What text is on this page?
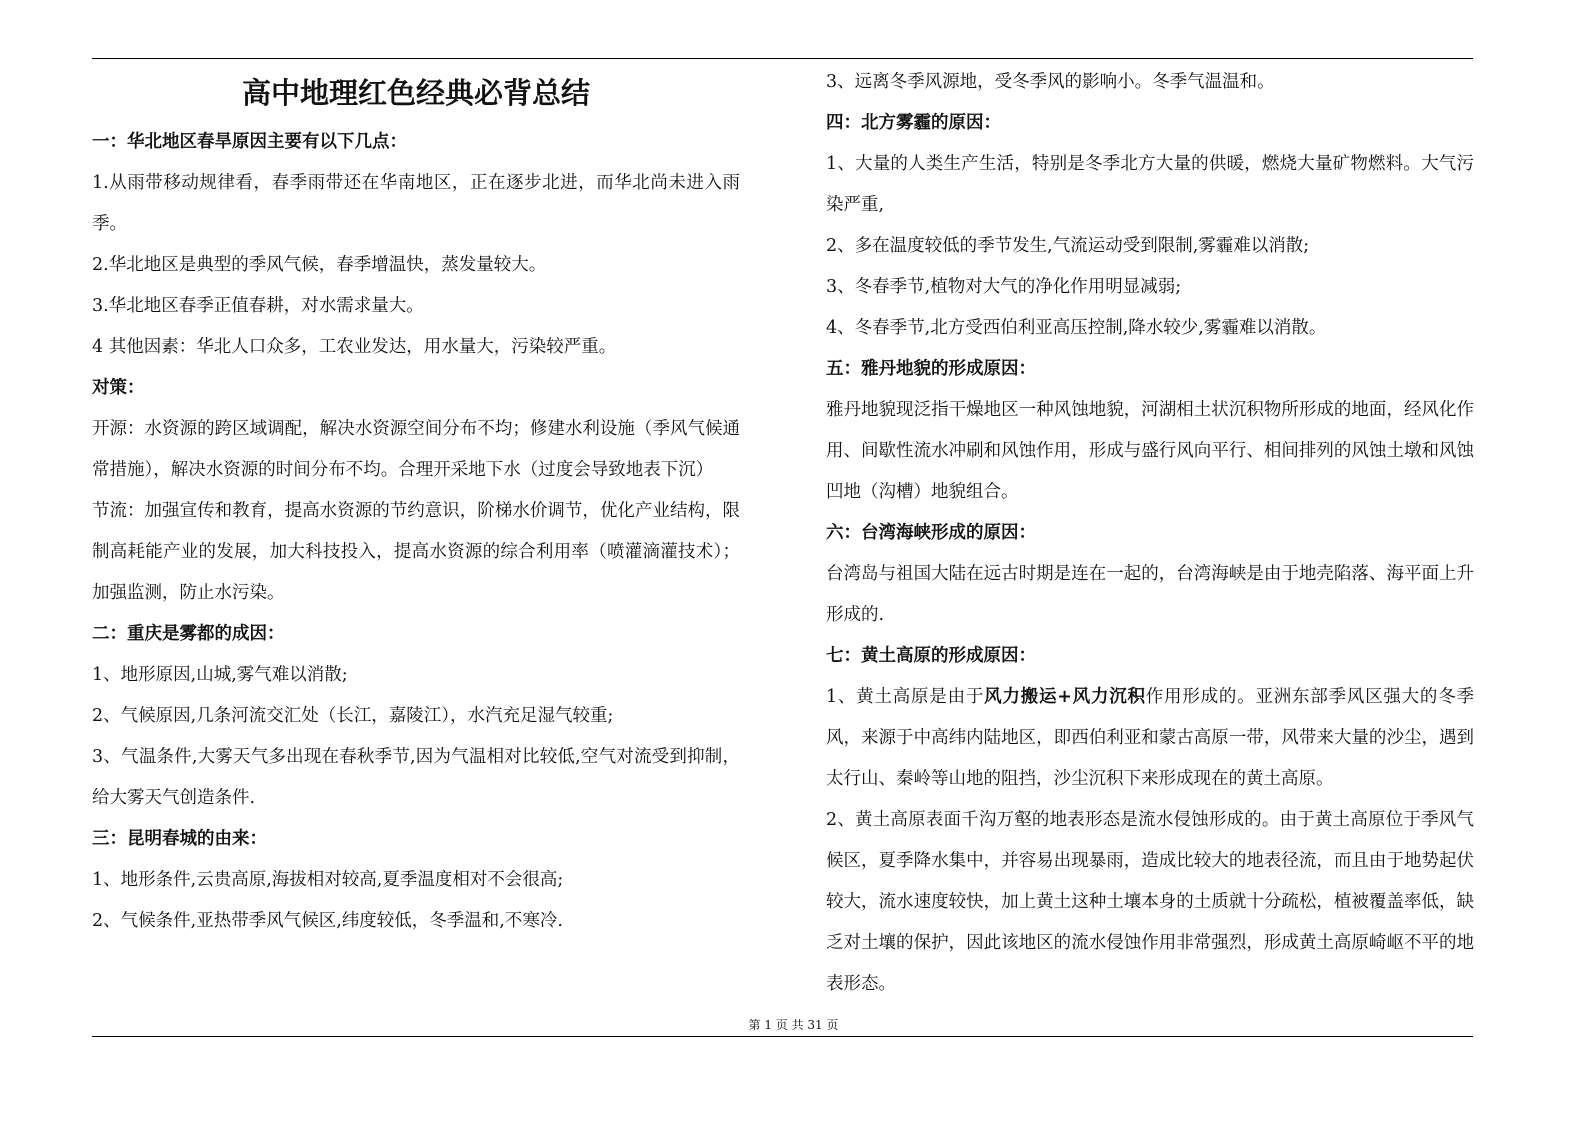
高中地理红色经典必背总结

一：华北地区春旱原因主要有以下几点：

1.从雨带移动规律看，春季雨带还在华南地区，正在逐步北进，而华北尚未进入雨季。

2.华北地区是典型的季风气候，春季增温快，蒸发量较大。

3.华北地区春季正值春耕，对水需求量大。

4 其他因素：华北人口众多，工农业发达，用水量大，污染较严重。

对策：

开源：水资源的跨区域调配，解决水资源空间分布不均；修建水利设施（季风气候通常措施），解决水资源的时间分布不均。合理开采地下水（过度会导致地表下沉）

节流：加强宣传和教育，提高水资源的节约意识，阶梯水价调节，优化产业结构，限制高耗能产业的发展，加大科技投入，提高水资源的综合利用率（喷灌滴灌技术）；加强监测，防止水污染。

二：重庆是雾都的成因：

1、地形原因,山城,雾气难以消散;

2、气候原因,几条河流交汇处（长江，嘉陵江），水汽充足湿气较重;

3、气温条件,大雾天气多出现在春秋季节,因为气温相对比较低,空气对流受到抑制，给大雾天气创造条件.

三：昆明春城的由来：

1、地形条件,云贵高原,海拔相对较高,夏季温度相对不会很高;

2、气候条件,亚热带季风气候区,纬度较低，冬季温和,不寒冷.

3、远离冬季风源地，受冬季风的影响小。冬季气温温和。

四：北方雾霾的原因：

1、大量的人类生产生活，特别是冬季北方大量的供暖，燃烧大量矿物燃料。大气污染严重,

2、多在温度较低的季节发生,气流运动受到限制,雾霾难以消散;

3、冬春季节,植物对大气的净化作用明显减弱;

4、冬春季节,北方受西伯利亚高压控制,降水较少,雾霾难以消散。

五：雅丹地貌的形成原因：

雅丹地貌现泛指干燥地区一种风蚀地貌，河湖相土状沉积物所形成的地面，经风化作用、间歇性流水冲刷和风蚀作用，形成与盛行风向平行、相间排列的风蚀土墩和风蚀凹地（沟槽）地貌组合。

六：台湾海峡形成的原因：

台湾岛与祖国大陆在远古时期是连在一起的，台湾海峡是由于地壳陷落、海平面上升形成的.

七：黄土高原的形成原因：

1、黄土高原是由于风力搬运+风力沉积作用形成的。亚洲东部季风区强大的冬季风，来源于中高纬内陆地区，即西伯利亚和蒙古高原一带，风带来大量的沙尘，遇到太行山、秦岭等山地的阻挡，沙尘沉积下来形成现在的黄土高原。

2、黄土高原表面千沟万壑的地表形态是流水侵蚀形成的。由于黄土高原位于季风气候区，夏季降水集中，并容易出现暴雨，造成比较大的地表径流，而且由于地势起伏较大，流水速度较快，加上黄土这种土壤本身的土质就十分疏松，植被覆盖率低，缺乏对土壤的保护，因此该地区的流水侵蚀作用非常强烈，形成黄土高原崎岖不平的地表形态。

第 1 页 共 31 页
